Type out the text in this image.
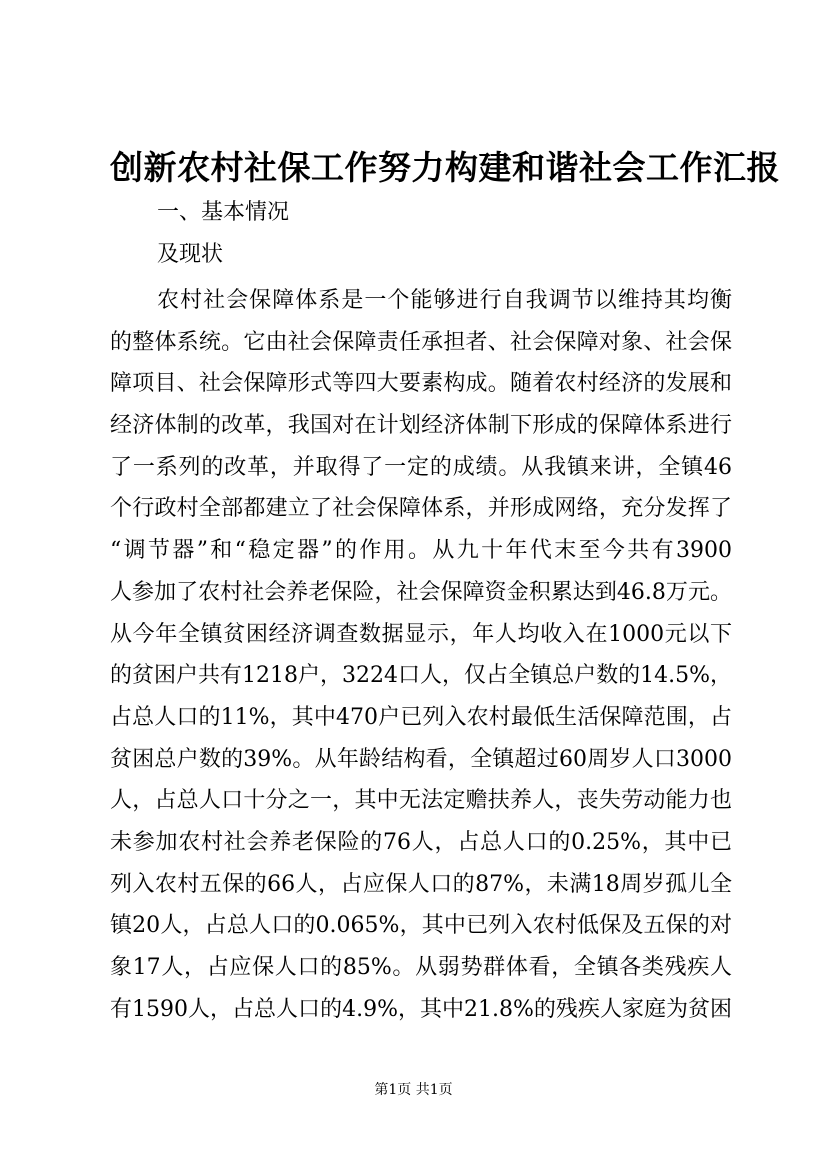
创新农村社保工作努力构建和谐社会工作汇报
一、基本情况
及现状
农村社会保障体系是一个能够进行自我调节以维持其均衡
的整体系统。它由社会保障责任承担者、社会保障对象、社会保
障项目、社会保障形式等四大要素构成。随着农村经济的发展和
经济体制的改革，我国对在计划经济体制下形成的保障体系进行
了一系列的改革，并取得了一定的成绩。从我镇来讲，全镇46
个行政村全部都建立了社会保障体系，并形成网络，充分发挥了
“调节器”和“稳定器”的作用。从九十年代末至今共有3900
人参加了农村社会养老保险，社会保障资金积累达到46.8万元。
从今年全镇贫困经济调查数据显示，年人均收入在1000元以下
的贫困户共有1218户，3224口人，仅占全镇总户数的14.5%，
占总人口的11%，其中470户已列入农村最低生活保障范围，占
贫困总户数的39%。从年龄结构看，全镇超过60周岁人口3000
人，占总人口十分之一，其中无法定赡扶养人，丧失劳动能力也
未参加农村社会养老保险的76人，占总人口的0.25%，其中已
列入农村五保的66人，占应保人口的87%，未满18周岁孤儿全
镇20人，占总人口的0.065%，其中已列入农村低保及五保的对
象17人，占应保人口的85%。从弱势群体看，全镇各类残疾人
有1590人，占总人口的4.9%，其中21.8%的残疾人家庭为贫困
第1页 共1页
